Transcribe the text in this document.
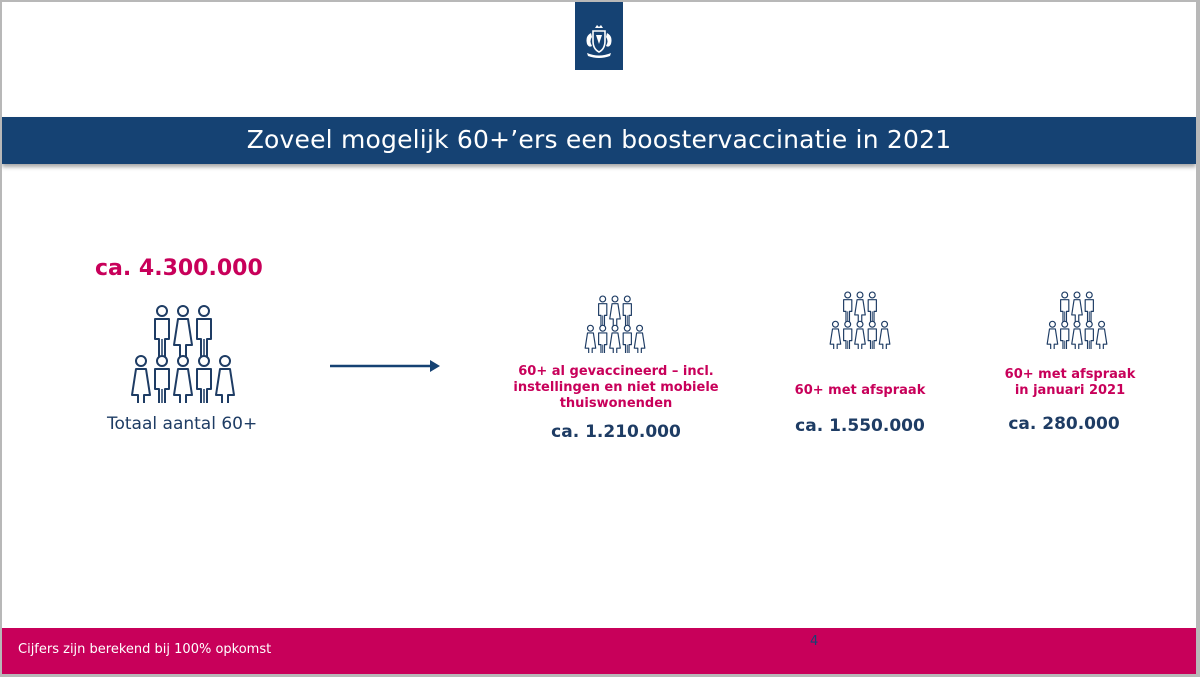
Zoveel mogelijk 60+’ers een boostervaccinatie in 2021
ca. 4.300.000
Totaal aantal 60+
60+ al gevaccineerd – incl.
instellingen en niet mobiele
thuiswonenden
ca. 1.210.000
60+ met afspraak
ca. 1.550.000
60+ met afspraak
in januari 2021
ca. 280.000
Cijfers zijn berekend bij 100% opkomst
4
